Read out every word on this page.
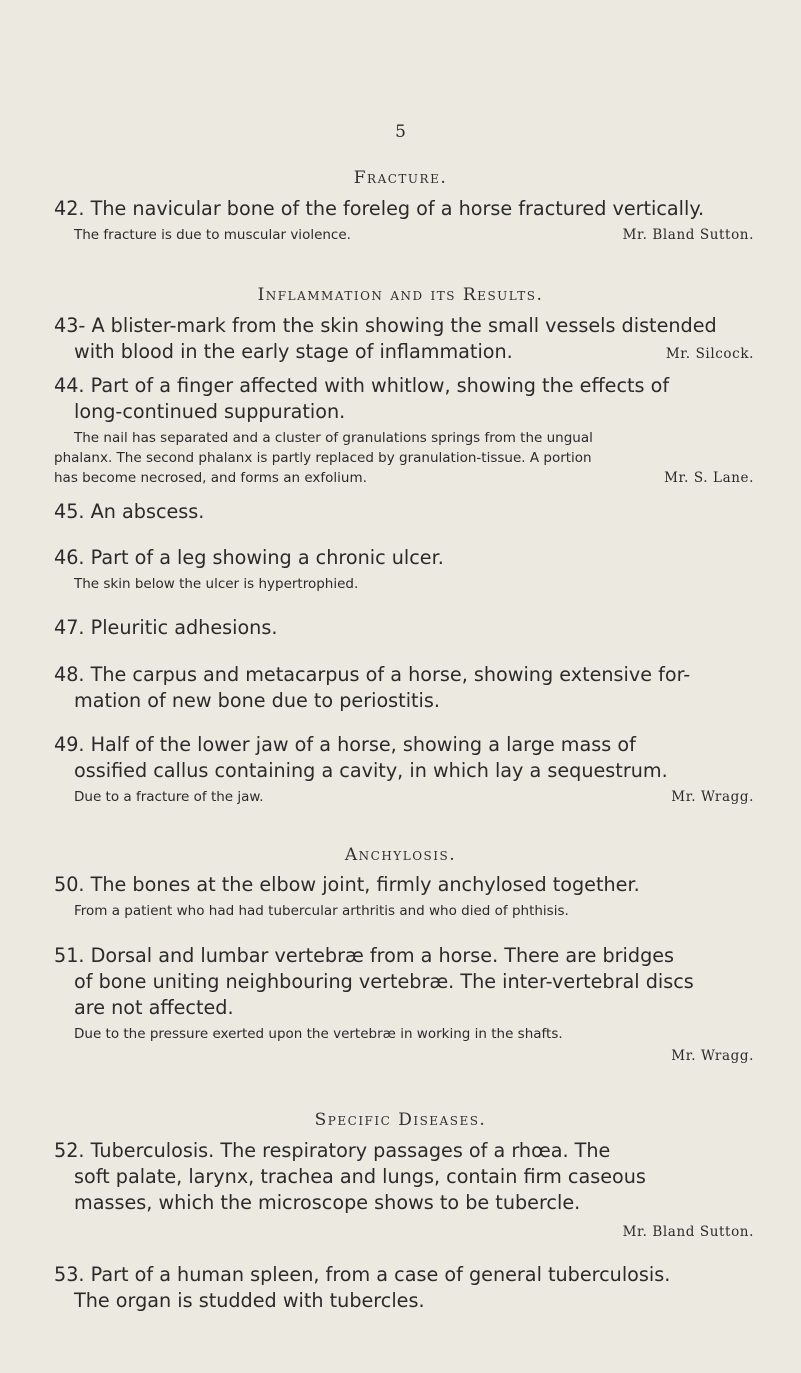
5
Fracture.
42. The navicular bone of the foreleg of a horse fractured vertically.
The fracture is due to muscular violence.	Mr. Bland Sutton.
Inflammation and its Results.
43- A blister-mark from the skin showing the small vessels distended
with blood in the early stage of inflammation.	Mr. Silcock.
44. Part of a finger affected with whitlow, showing the effects of
long-continued suppuration.
The nail has separated and a cluster of granulations springs from the ungual
phalanx. The second phalanx is partly replaced by granulation-tissue. A portion
has become necrosed, and forms an exfolium.	Mr. S. Lane.
45. An abscess.
46. Part of a leg showing a chronic ulcer.
The skin below the ulcer is hypertrophied.
47. Pleuritic adhesions.
48. The carpus and metacarpus of a horse, showing extensive for-
mation of new bone due to periostitis.
49. Half of the lower jaw of a horse, showing a large mass of
ossified callus containing a cavity, in which lay a sequestrum.
Due to a fracture of the jaw.	Mr. Wragg.
Anchylosis.
50. The bones at the elbow joint, firmly anchylosed together.
From a patient who had had tubercular arthritis and who died of phthisis.
51. Dorsal and lumbar vertebræ from a horse. There are bridges
of bone uniting neighbouring vertebræ. The inter-vertebral discs
are not affected.
Due to the pressure exerted upon the vertebræ in working in the shafts.
Mr. Wragg.
Specific Diseases.
52. Tuberculosis. The respiratory passages of a rhœa. The
soft palate, larynx, trachea and lungs, contain firm caseous
masses, which the microscope shows to be tubercle.
Mr. Bland Sutton.
53. Part of a human spleen, from a case of general tuberculosis.
The organ is studded with tubercles.
